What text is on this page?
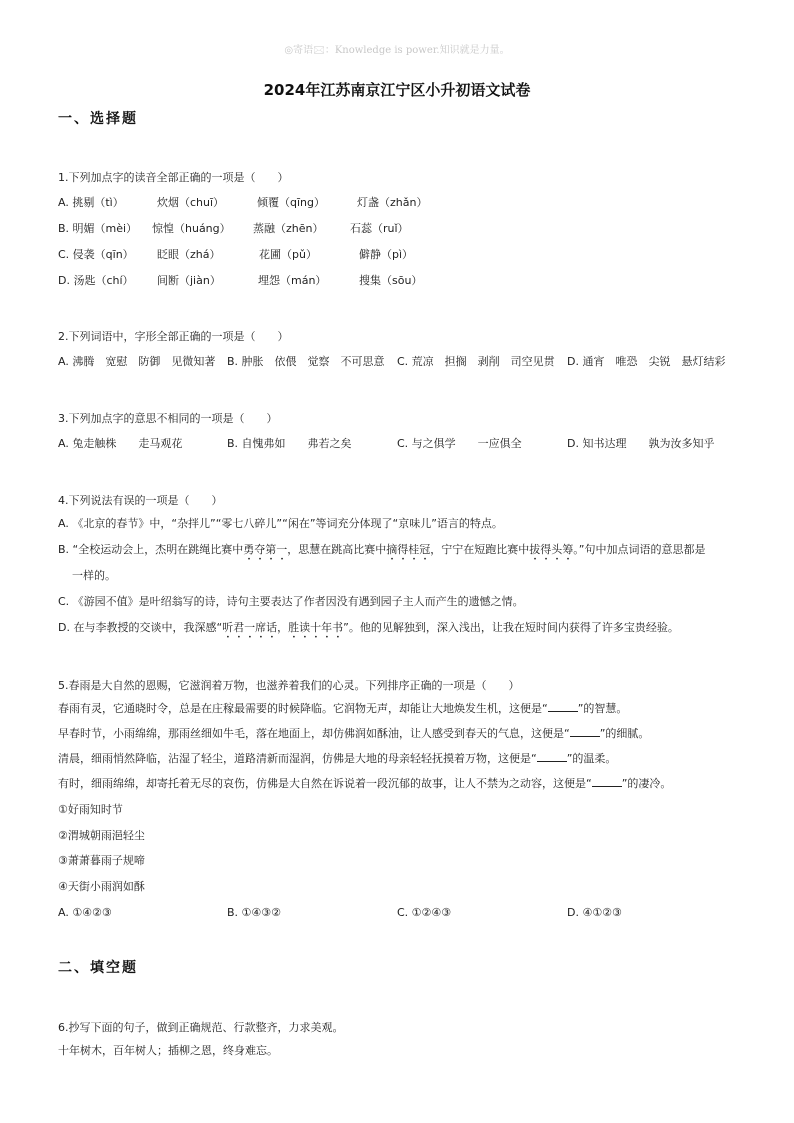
◎寄语🖂：Knowledge is power.知识就是力量。
2024年江苏南京江宁区小升初语文试卷
一、选择题
1.下列加点字的读音全部正确的一项是（　　）
A. 挑剔（tì）	炊烟（chuī）	倾覆（qīng）	灯盏（zhǎn）
B. 明媚（mèi） 惊惶（huáng） 蒸融（zhēn） 石蕊（ruǐ）
C. 侵袭（qīn） 眨眼（zhá）	花圃（pǔ）	僻静（pì）
D. 汤匙（chí） 间断（jiàn）	埋怨（mán）	搜集（sōu）
2.下列词语中，字形全部正确的一项是（　　）
A. 沸腾　宽慰　防御　见微知著 B. 肿胀　依偎　觉察　不可思意 C. 荒凉　担搁　剥削　司空见贯 D. 通宵　唯恐　尖锐　悬灯结彩
3.下列加点字的意思不相同的一项是（　　）
A. 兔走触株　　走马观花	B. 自愧弗如　　弗若之矣	C. 与之俱学　　一应俱全	D. 知书达理　　孰为汝多知乎
4.下列说法有误的一项是（　　）
A. 《北京的春节》中，“杂拌儿”“零七八碎儿”“闲在”等词充分体现了“京味儿”语言的特点。
B. “全校运动会上，杰明在跳绳比赛中勇夺第一，思慧在跳高比赛中摘得桂冠，宁宁在短跑比赛中拔得头筹。”句中加点词语的意思都是
一样的。
C. 《游园不值》是叶绍翁写的诗，诗句主要表达了作者因没有遇到园子主人而产生的遗憾之情。
D. 在与李教授的交谈中，我深感“听君一席话，胜读十年书”。他的见解独到，深入浅出，让我在短时间内获得了许多宝贵经验。
5.春雨是大自然的恩赐，它滋润着万物，也滋养着我们的心灵。下列排序正确的一项是（　　）
春雨有灵，它通晓时令，总是在庄稼最需要的时候降临。它润物无声，却能让大地焕发生机，这便是“	”的智慧。
早春时节，小雨绵绵，那雨丝细如牛毛，落在地面上，却仿佛润如酥油，让人感受到春天的气息，这便是“	”的细腻。
清晨，细雨悄然降临，沾湿了轻尘，道路清新而湿润，仿佛是大地的母亲轻轻抚摸着万物，这便是“	”的温柔。
有时，细雨绵绵，却寄托着无尽的哀伤，仿佛是大自然在诉说着一段沉郁的故事，让人不禁为之动容，这便是“	”的凄冷。
①好雨知时节
②渭城朝雨浥轻尘
③萧萧暮雨子规啼
④天街小雨润如酥
A. ①④②③	B. ①④③②	C. ①②④③	D. ④①②③
二、填空题
6.抄写下面的句子，做到正确规范、行款整齐，力求美观。
十年树木，百年树人；插柳之恩，终身难忘。
